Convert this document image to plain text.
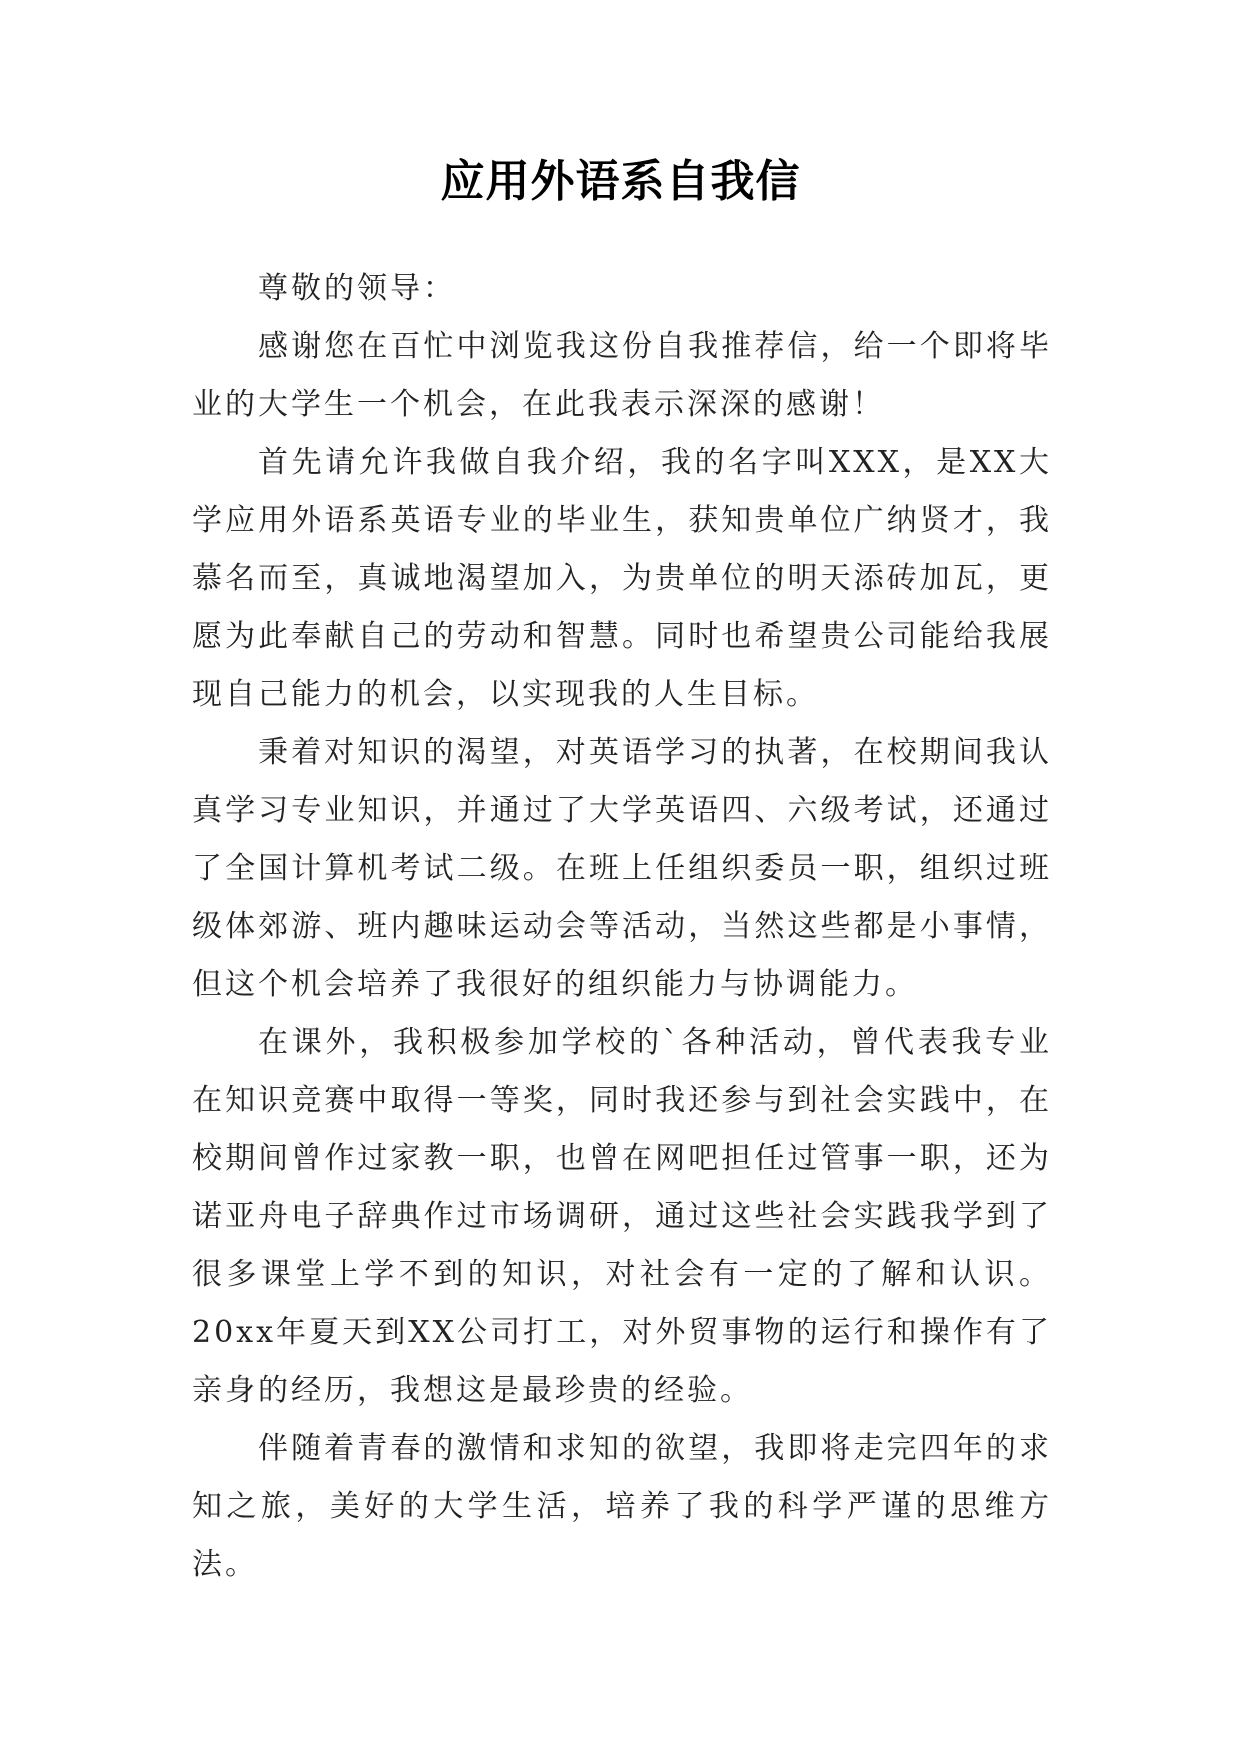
应用外语系自我信

尊敬的领导：

感谢您在百忙中浏览我这份自我推荐信，给一个即将毕业的大学生一个机会，在此我表示深深的感谢！

首先请允许我做自我介绍，我的名字叫XXX，是XX大学应用外语系英语专业的毕业生，获知贵单位广纳贤才，我慕名而至，真诚地渴望加入，为贵单位的明天添砖加瓦，更愿为此奉献自己的劳动和智慧。同时也希望贵公司能给我展现自己能力的机会，以实现我的人生目标。

秉着对知识的渴望，对英语学习的执著，在校期间我认真学习专业知识，并通过了大学英语四、六级考试，还通过了全国计算机考试二级。在班上任组织委员一职，组织过班级体郊游、班内趣味运动会等活动，当然这些都是小事情，但这个机会培养了我很好的组织能力与协调能力。

在课外，我积极参加学校的`各种活动，曾代表我专业在知识竞赛中取得一等奖，同时我还参与到社会实践中，在校期间曾作过家教一职，也曾在网吧担任过管事一职，还为诺亚舟电子辞典作过市场调研，通过这些社会实践我学到了很多课堂上学不到的知识，对社会有一定的了解和认识。20xx年夏天到XX公司打工，对外贸事物的运行和操作有了亲身的经历，我想这是最珍贵的经验。

伴随着青春的激情和求知的欲望，我即将走完四年的求知之旅，美好的大学生活，培养了我的科学严谨的思维方法。
